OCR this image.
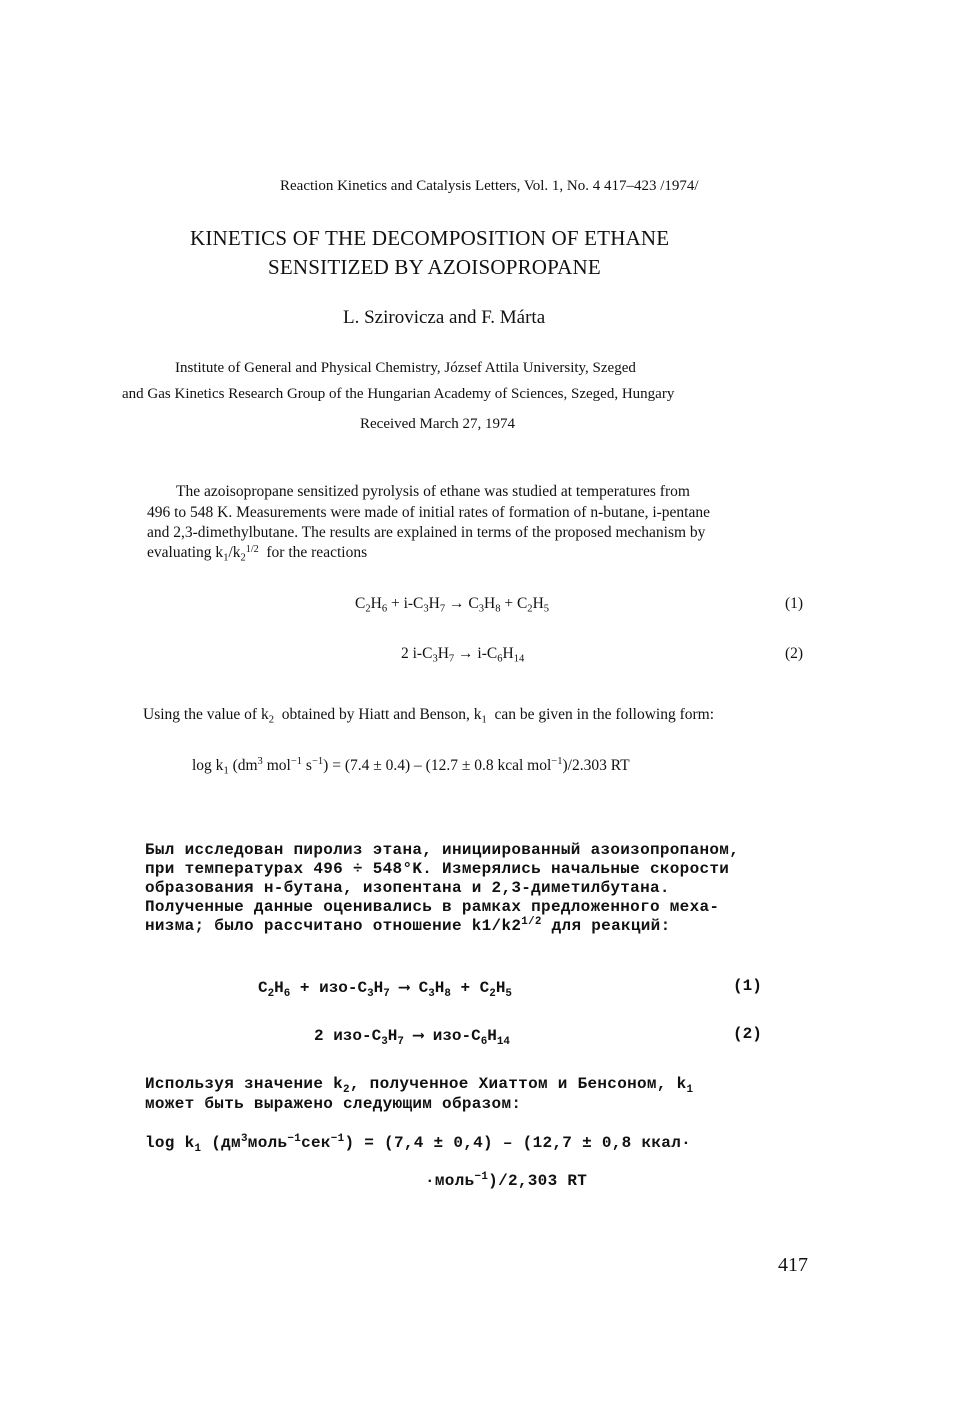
Reaction Kinetics and Catalysis Letters, Vol. 1, No. 4 417–423 /1974/
KINETICS OF THE DECOMPOSITION OF ETHANE
SENSITIZED BY AZOISOPROPANE
L. Szirovicza and F. Márta
Institute of General and Physical Chemistry, József Attila University, Szeged
and Gas Kinetics Research Group of the Hungarian Academy of Sciences, Szeged, Hungary
Received March 27, 1974
The azoisopropane sensitized pyrolysis of ethane was studied at temperatures from
496 to 548 K. Measurements were made of initial rates of formation of n-butane, i-pentane
and 2,3-dimethylbutane. The results are explained in terms of the proposed mechanism by
evaluating $k_1/k_21/2$ for the reactions
$C_2H_6 + i-C_3H_7 \to C_3H_8 + C_2H_5$	(1)
2 $i-C_3H_7 \to i-C_6H_{14}$	(2)
Using the value of $k_2$ obtained by Hiatt and Benson, $k_1$ can be given in the following form:
$\log k_1$ ($dm^3$ mol$^{-1}$ $s^{-1}) = (7.4 \pm 0.4) - (12.7 \pm 0.8$ kcal mol$^{-1}$)/2.303 RT
Был исследован пиролиз этана, инициированный азоизопропаном,
при температурах 496 ÷ 548°K. Измерялись начальные скорости
образования н-бутана, изопентана и 2,3-диметилбутана.
Полученные данные оценивались в рамках предложенного меха-
низма; было рассчитано отношение $k1/k2^{1/2}$ для реакций:
$C_2H_6 + изо-C_3H_7$ ⟶ $C_3H_8 + C_2H_5$	(1)
2 изо-$C_3H_7$ ⟶ изо-$C_6H_{14}$	(2)
Используя значение $k_2$, полученное Хиаттом и Бенсоном, $k_1$
может быть выражено следующим образом:
$\log k_1$ $(дм^3моль^{-1}сек^{-1}) = (7,4 \pm 0,4) - (12,7 \pm 0,8$ ккал·
·моль$^{-1}$)/2,303 RT
417
